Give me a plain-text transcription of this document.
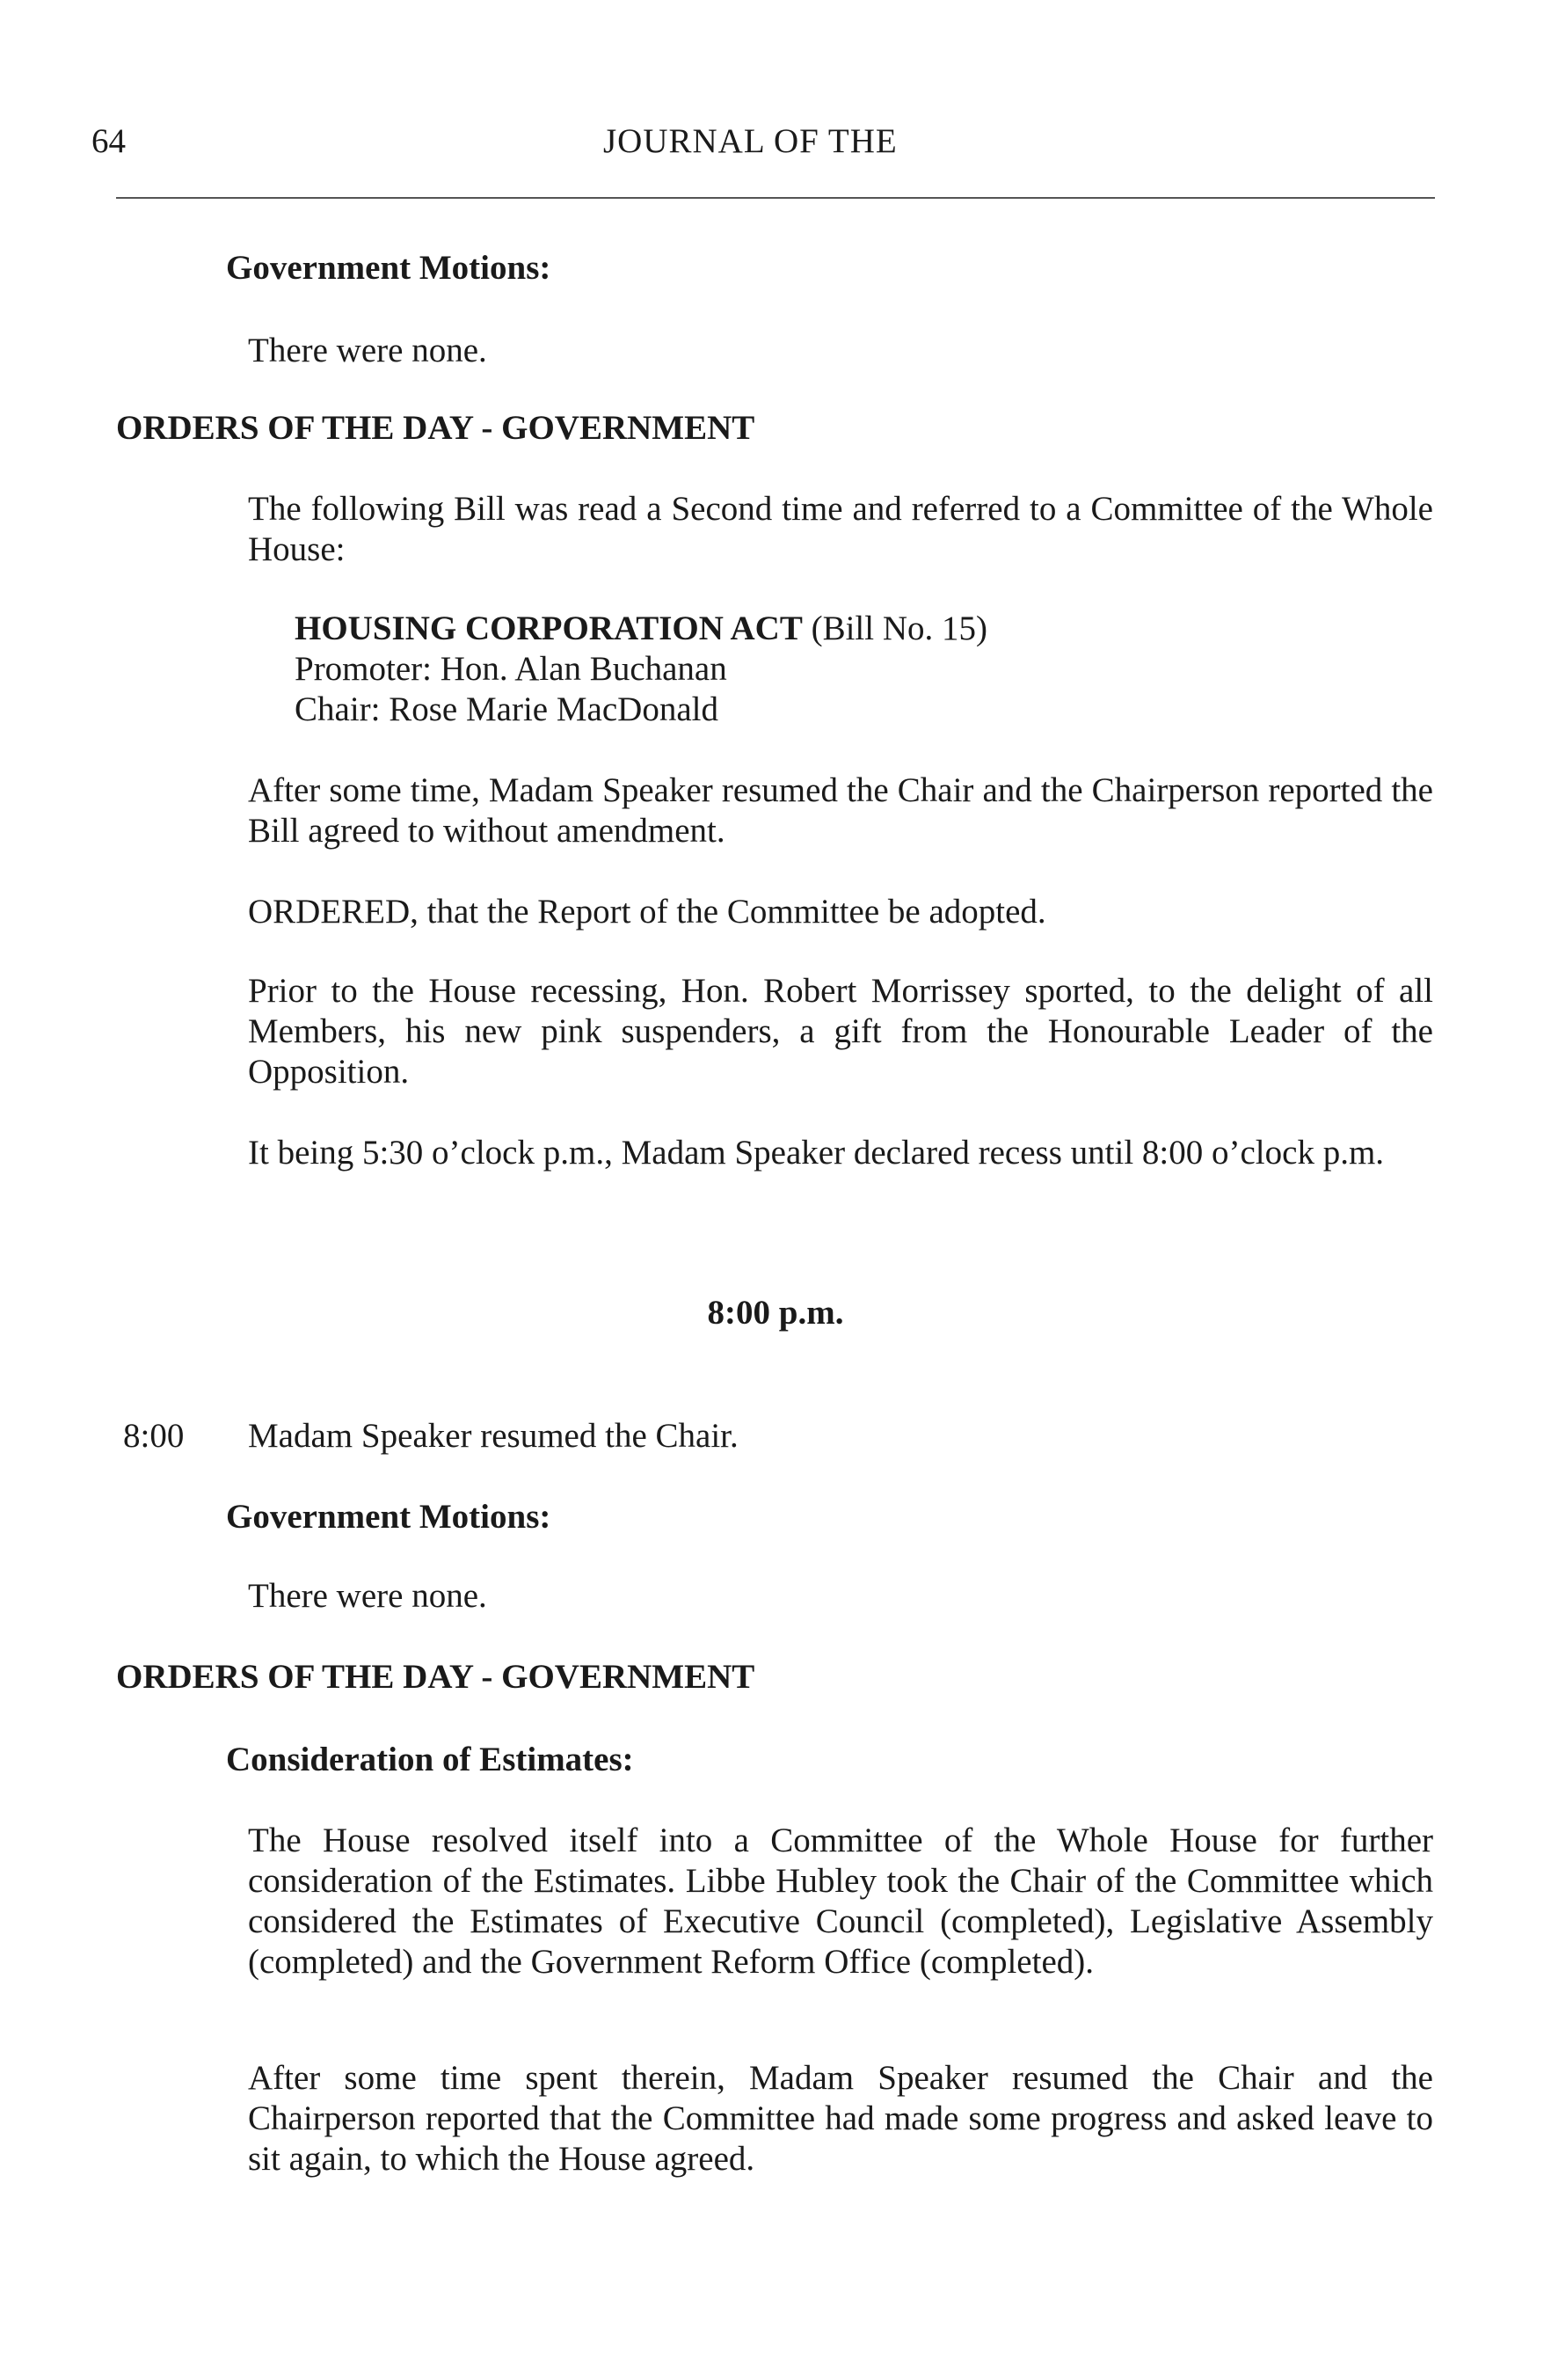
64	JOURNAL OF THE
Government Motions:
There were none.
ORDERS OF THE DAY - GOVERNMENT

The following Bill was read a Second time and referred to a Committee of the Whole House:

HOUSING CORPORATION ACT (Bill No. 15)
Promoter: Hon. Alan Buchanan
Chair: Rose Marie MacDonald

After some time, Madam Speaker resumed the Chair and the Chairperson reported the Bill agreed to without amendment.

ORDERED, that the Report of the Committee be adopted.

Prior to the House recessing, Hon. Robert Morrissey sported, to the delight of all Members, his new pink suspenders, a gift from the Honourable Leader of the Opposition.

It being 5:30 o’clock p.m., Madam Speaker declared recess until 8:00 o’clock p.m.

8:00 p.m.
8:00 Madam Speaker resumed the Chair.
Government Motions:
There were none.
ORDERS OF THE DAY - GOVERNMENT
Consideration of Estimates:

The House resolved itself into a Committee of the Whole House for further consideration of the Estimates. Libbe Hubley took the Chair of the Committee which considered the Estimates of Executive Council (completed), Legislative Assembly (completed) and the Government Reform Office (completed).

After some time spent therein, Madam Speaker resumed the Chair and the Chairperson reported that the Committee had made some progress and asked leave to sit again, to which the House agreed.
